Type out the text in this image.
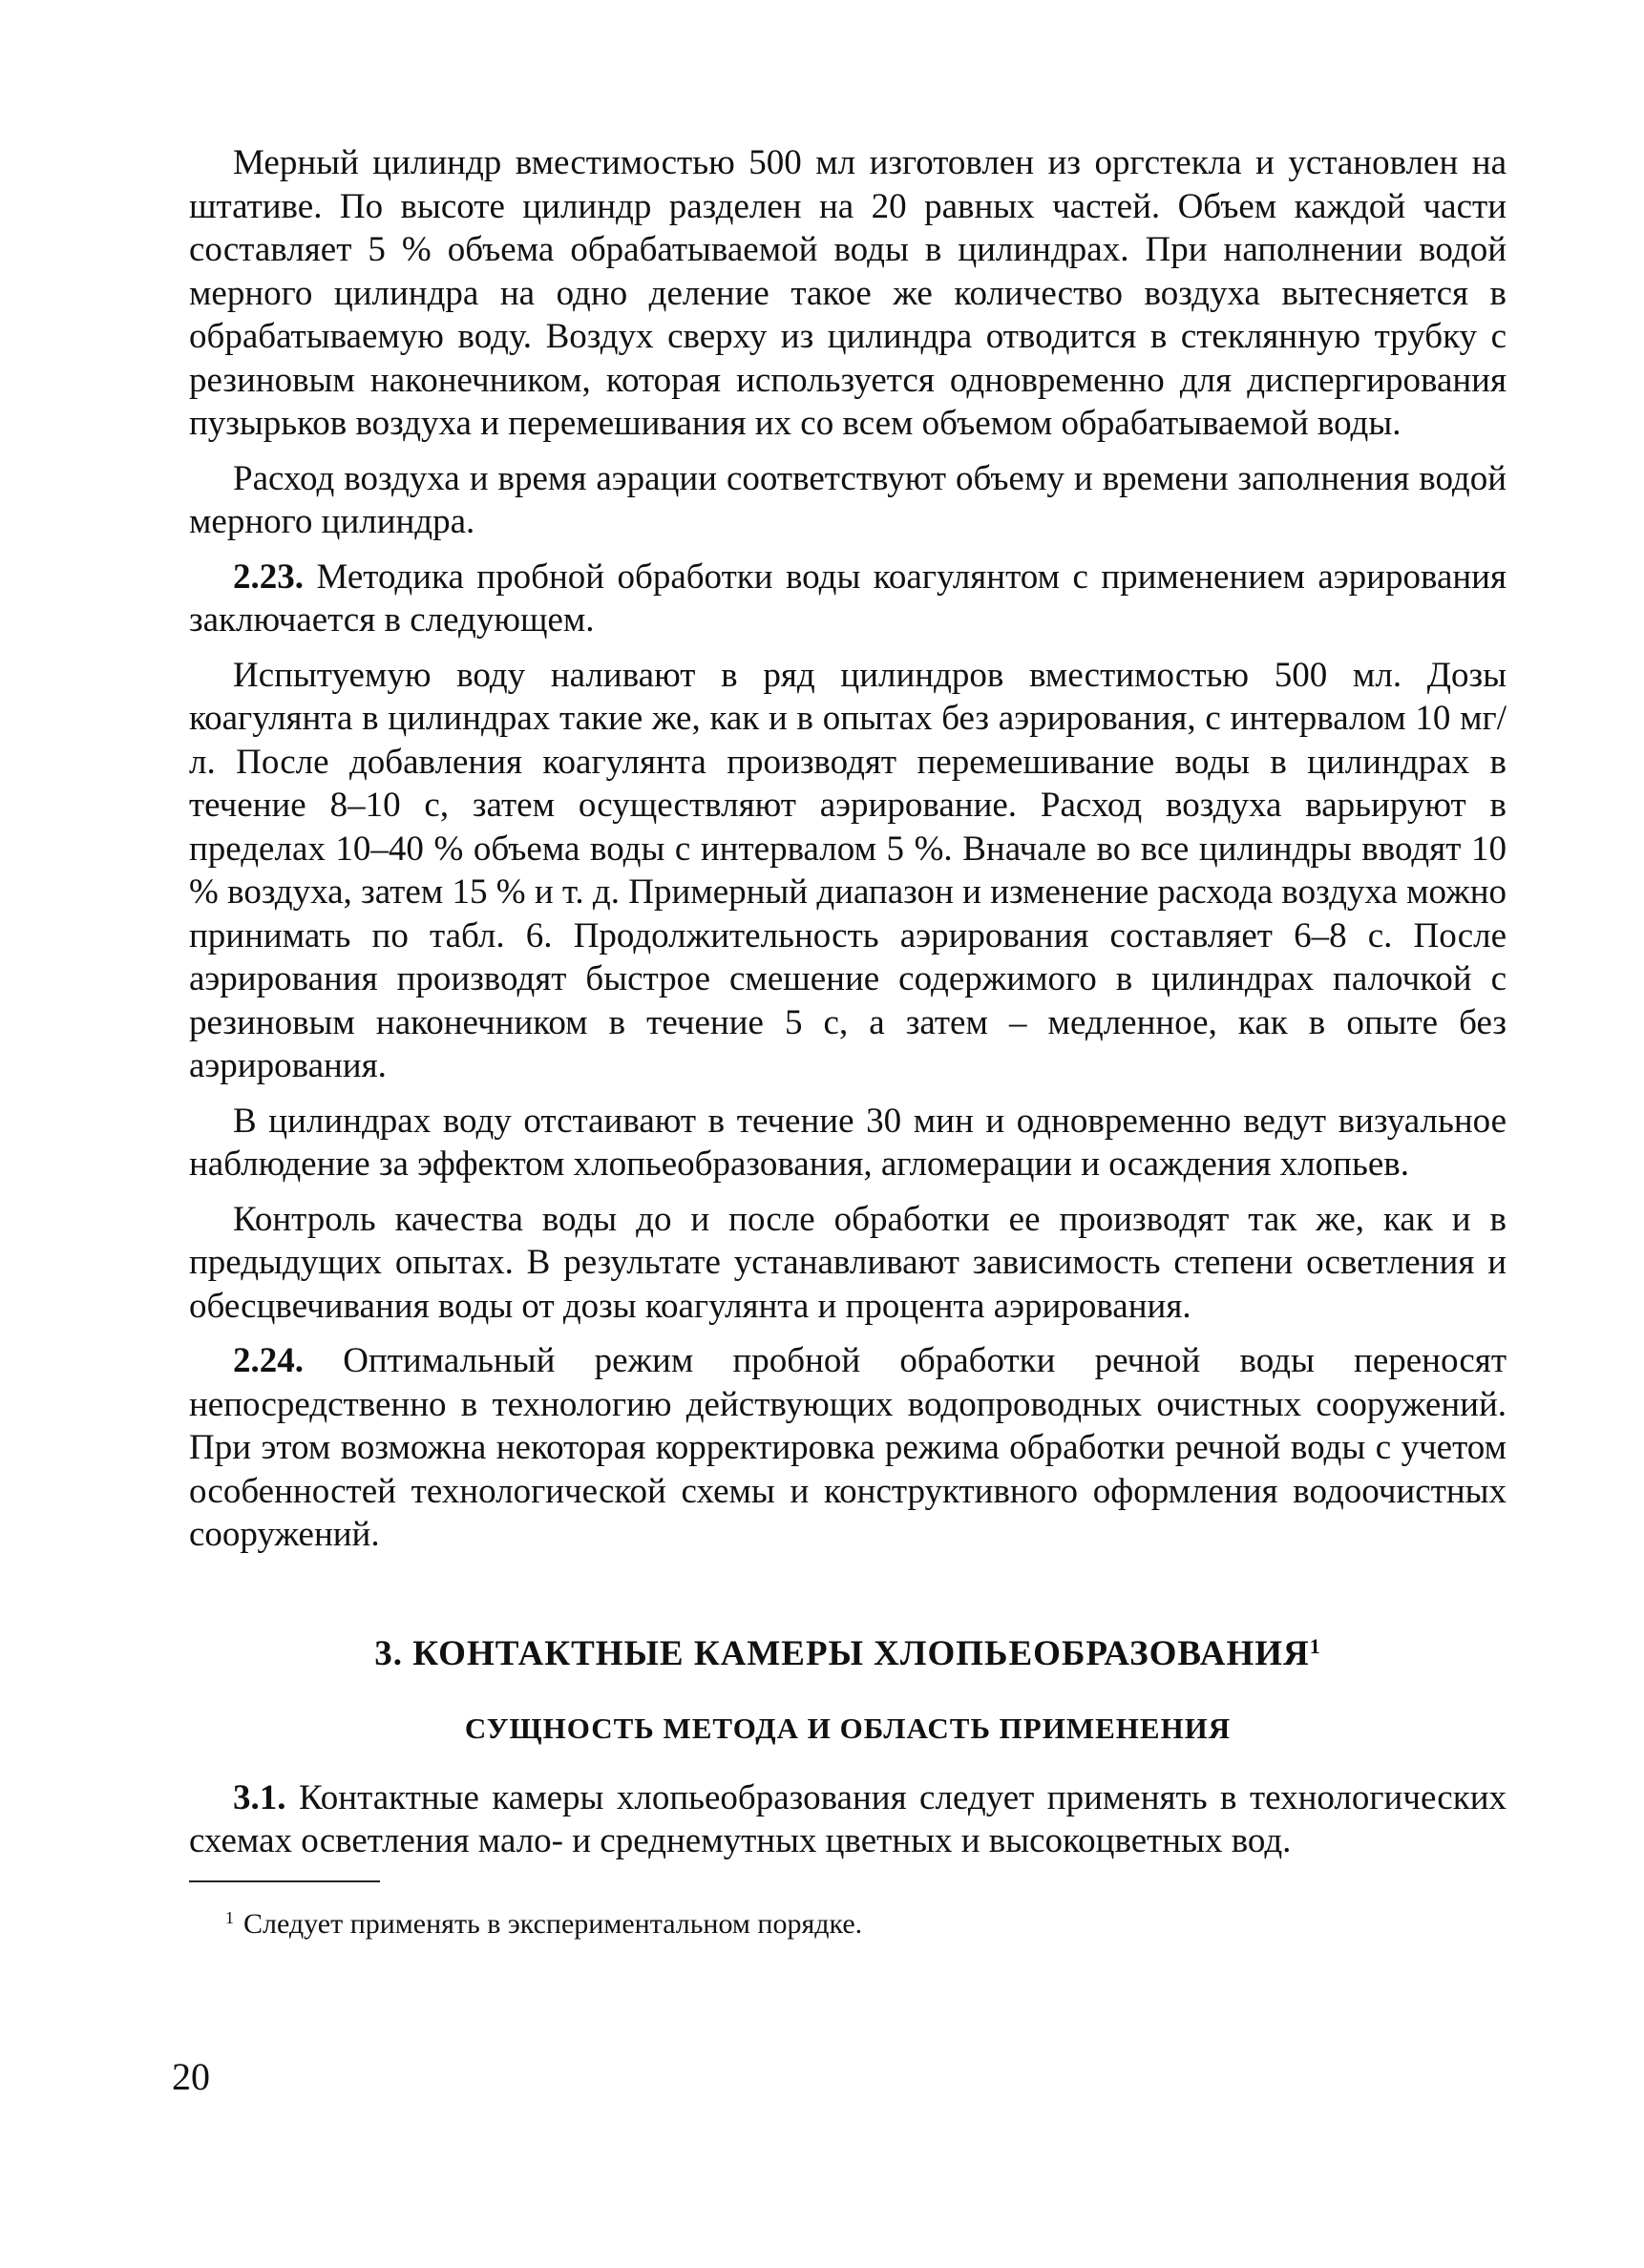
Мерный цилиндр вместимостью 500 мл изготовлен из оргстекла и установлен на штативе. По высоте цилиндр разделен на 20 равных частей. Объем каждой части составляет 5 % объема обрабатываемой воды в цилиндрах. При наполнении водой мерного цилиндра на одно деление такое же количество воздуха вытесняется в обрабатываемую воду. Воздух сверху из цилиндра отводится в стеклянную трубку с резиновым наконечником, которая используется одновременно для диспергирования пузырьков воздуха и перемешивания их со всем объемом обрабатываемой воды.

Расход воздуха и время аэрации соответствуют объему и времени заполнения водой мерного цилиндра.

2.23. Методика пробной обработки воды коагулянтом с применением аэрирования заключается в следующем.

Испытуемую воду наливают в ряд цилиндров вместимостью 500 мл. Дозы коагулянта в цилиндрах такие же, как и в опытах без аэрирования, с интервалом 10 мг/л. После добавления коагулянта производят перемешивание воды в цилиндрах в течение 8–10 с, затем осуществляют аэрирование. Расход воздуха варьируют в пределах 10–40 % объема воды с интервалом 5 %. Вначале во все цилиндры вводят 10 % воздуха, затем 15 % и т. д. Примерный диапазон и изменение расхода воздуха можно принимать по табл. 6. Продолжительность аэрирования составляет 6–8 с. После аэрирования производят быстрое смешение содержимого в цилиндрах палочкой с резиновым наконечником в течение 5 с, а затем – медленное, как в опыте без аэрирования.

В цилиндрах воду отстаивают в течение 30 мин и одновременно ведут визуальное наблюдение за эффектом хлопьеобразования, агломерации и осаждения хлопьев.

Контроль качества воды до и после обработки ее производят так же, как и в предыдущих опытах. В результате устанавливают зависимость степени осветления и обесцвечивания воды от дозы коагулянта и процента аэрирования.

2.24. Оптимальный режим пробной обработки речной воды переносят непосредственно в технологию действующих водопроводных очистных сооружений. При этом возможна некоторая корректировка режима обработки речной воды с учетом особенностей технологической схемы и конструктивного оформления водоочистных сооружений.

3. КОНТАКТНЫЕ КАМЕРЫ ХЛОПЬЕОБРАЗОВАНИЯ$^1$
СУЩНОСТЬ МЕТОДА И ОБЛАСТЬ ПРИМЕНЕНИЯ

3.1. Контактные камеры хлопьеобразования следует применять в технологических схемах осветления мало- и среднемутных цветных и высокоцветных вод.

$^1$ Следует применять в экспериментальном порядке.
20
